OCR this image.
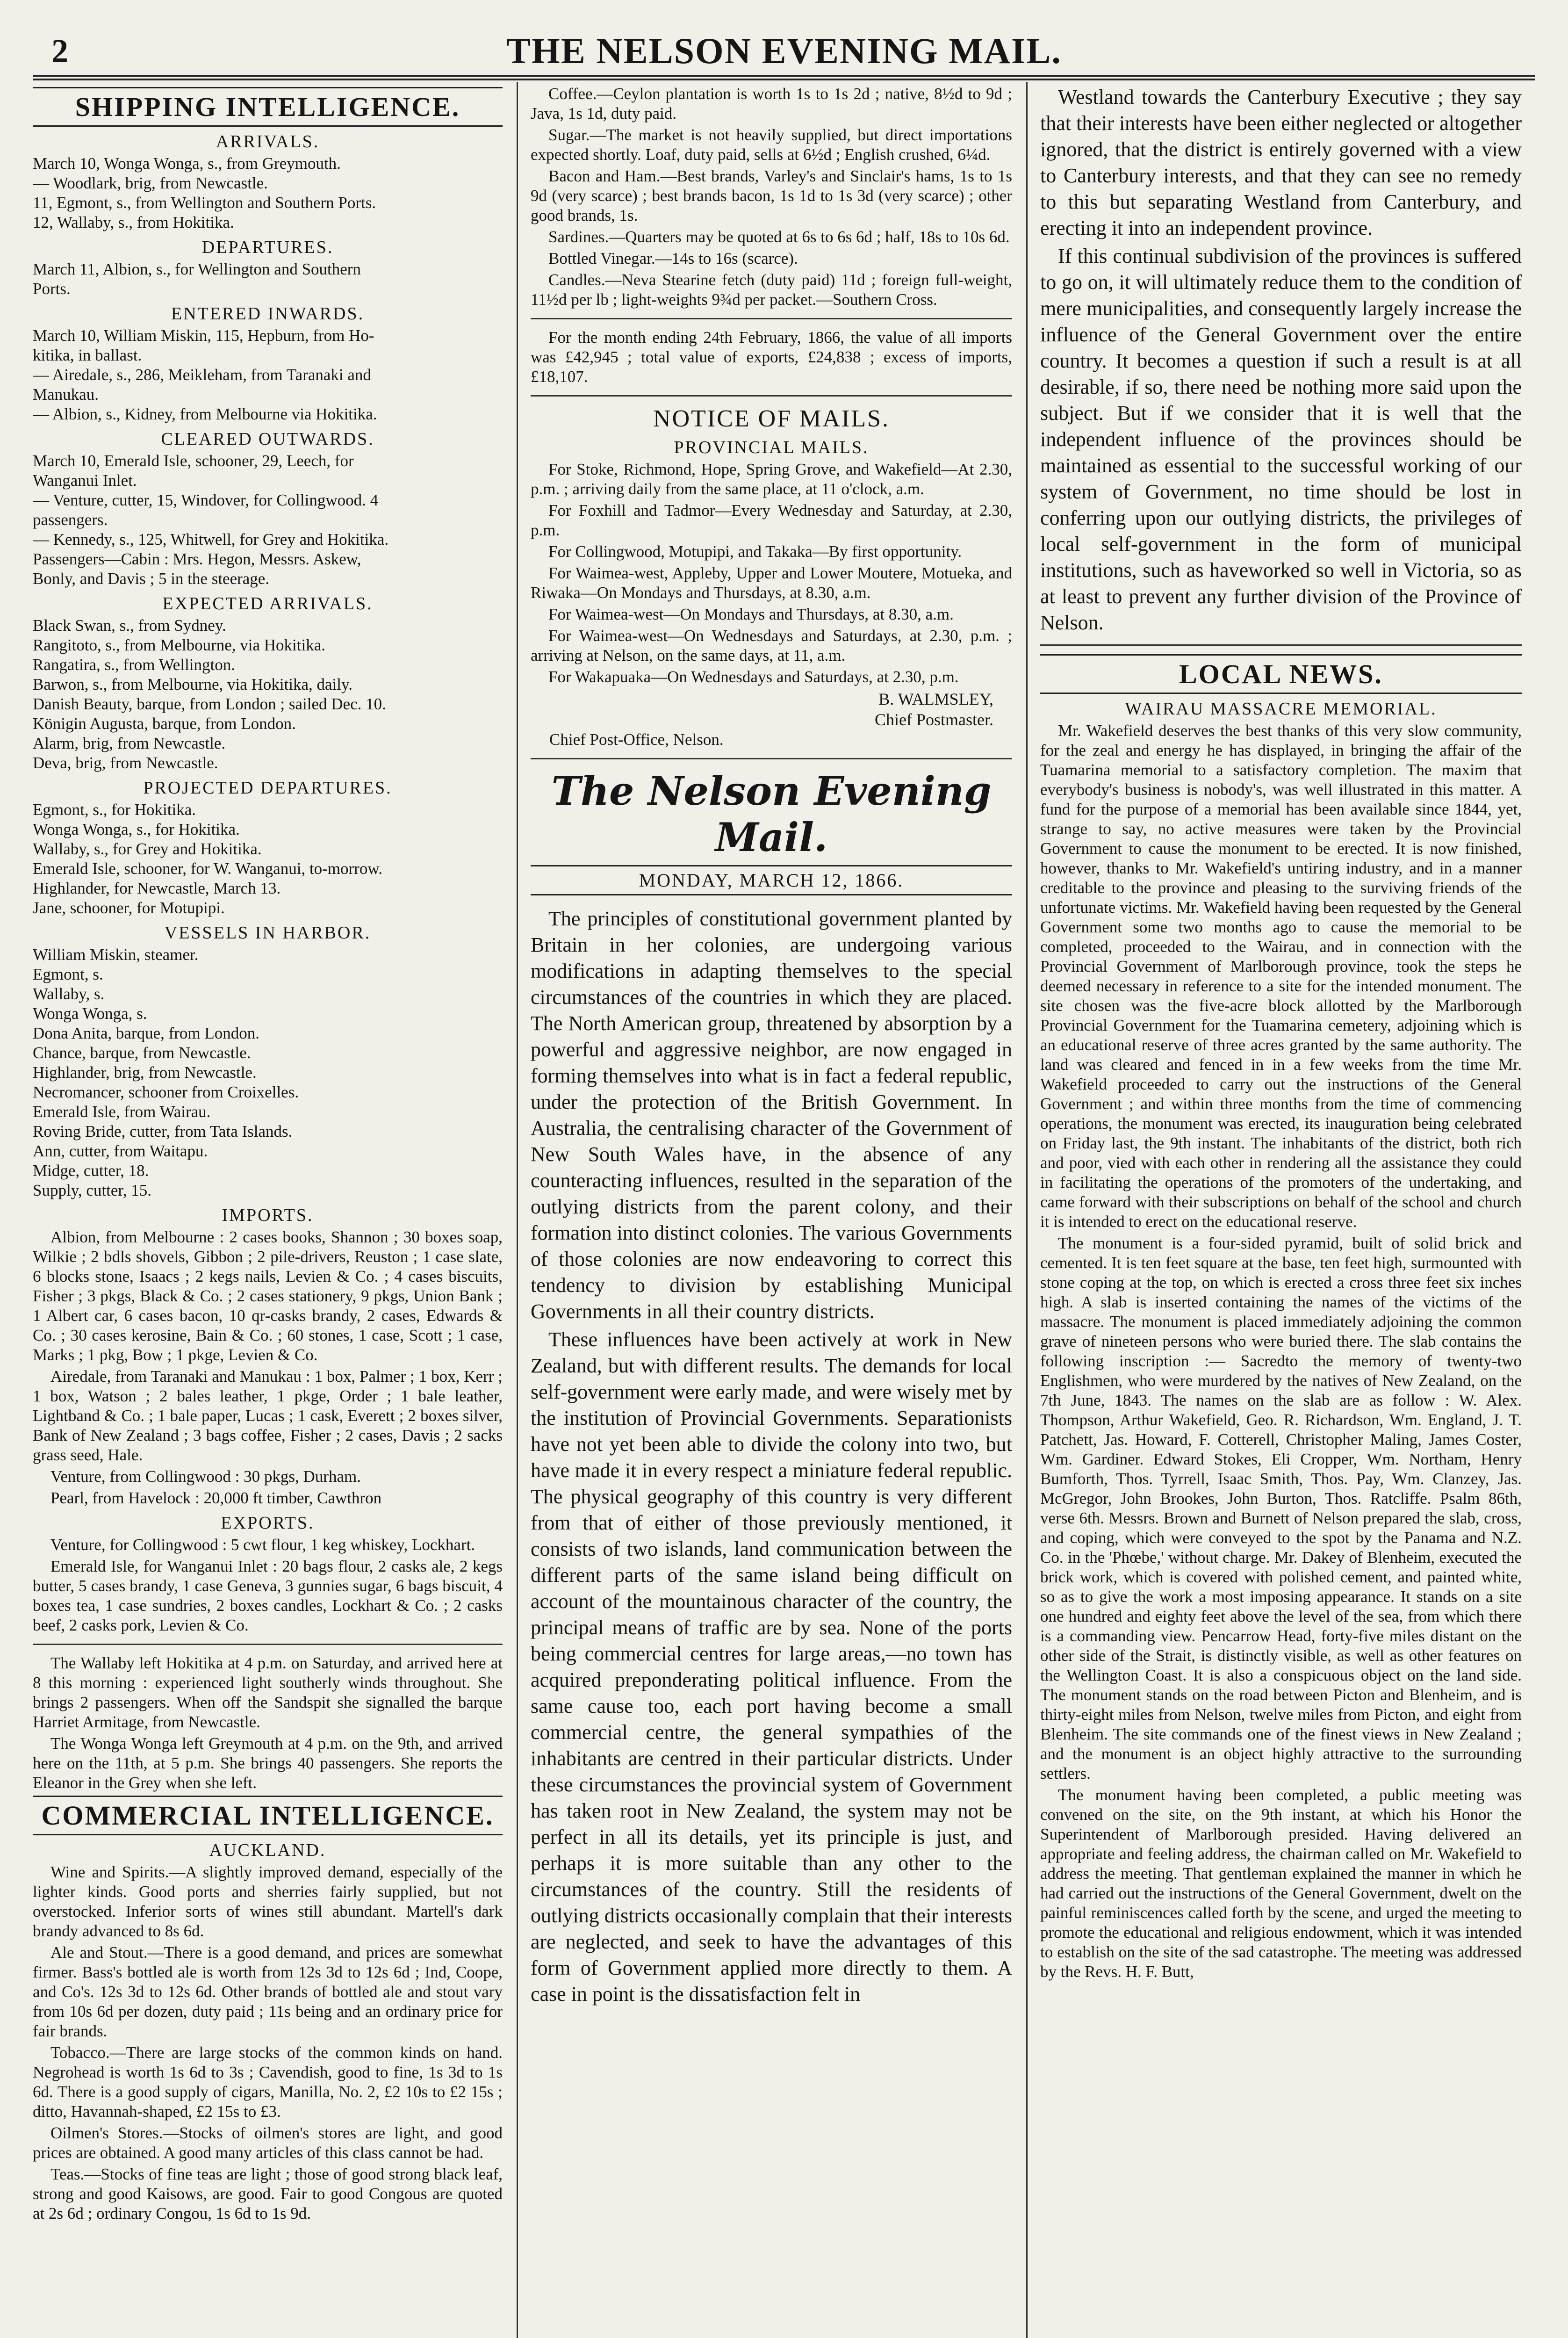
2	THE NELSON EVENING MAIL.
SHIPPING INTELLIGENCE.
ARRIVALS.
March 10, Wonga Wonga, s., from Greymouth.
— Woodlark, brig, from Newcastle.
11, Egmont, s., from Wellington and Southern Ports.
12, Wallaby, s., from Hokitika.
DEPARTURES.
March 11, Albion, s., for Wellington and Southern
Ports.
ENTERED INWARDS.
March 10, William Miskin, 115, Hepburn, from Ho-
kitika, in ballast.
— Airedale, s., 286, Meikleham, from Taranaki and
Manukau.
— Albion, s., Kidney, from Melbourne via Hokitika.
CLEARED OUTWARDS.
March 10, Emerald Isle, schooner, 29, Leech, for
Wanganui Inlet.
— Venture, cutter, 15, Windover, for Collingwood. 4
passengers.
— Kennedy, s., 125, Whitwell, for Grey and Hokitika.
Passengers—Cabin : Mrs. Hegon, Messrs. Askew,
Bonly, and Davis ; 5 in the steerage.
EXPECTED ARRIVALS.
Black Swan, s., from Sydney.
Rangitoto, s., from Melbourne, via Hokitika.
Rangatira, s., from Wellington.
Barwon, s., from Melbourne, via Hokitika, daily.
Danish Beauty, barque, from London ; sailed Dec. 10.
Königin Augusta, barque, from London.
Alarm, brig, from Newcastle.
Deva, brig, from Newcastle.
PROJECTED DEPARTURES.
Egmont, s., for Hokitika.
Wonga Wonga, s., for Hokitika.
Wallaby, s., for Grey and Hokitika.
Emerald Isle, schooner, for W. Wanganui, to-morrow.
Highlander, for Newcastle, March 13.
Jane, schooner, for Motupipi.
VESSELS IN HARBOR.
William Miskin, steamer.
Egmont, s.
Wallaby, s.
Wonga Wonga, s.
Dona Anita, barque, from London.
Chance, barque, from Newcastle.
Highlander, brig, from Newcastle.
Necromancer, schooner from Croixelles.
Emerald Isle, from Wairau.
Roving Bride, cutter, from Tata Islands.
Ann, cutter, from Waitapu.
Midge, cutter, 18.
Supply, cutter, 15.
IMPORTS.

Albion, from Melbourne : 2 cases books, Shannon ; 30 boxes soap, Wilkie ; 2 bdls shovels, Gibbon ; 2 pile-drivers, Reuston ; 1 case slate, 6 blocks stone, Isaacs ; 2 kegs nails, Levien & Co. ; 4 cases biscuits, Fisher ; 3 pkgs, Black & Co. ; 2 cases stationery, 9 pkgs, Union Bank ; 1 Albert car, 6 cases bacon, 10 qr-casks brandy, 2 cases, Edwards & Co. ; 30 cases kerosine, Bain & Co. ; 60 stones, 1 case, Scott ; 1 case, Marks ; 1 pkg, Bow ; 1 pkge, Levien & Co.

Airedale, from Taranaki and Manukau : 1 box, Palmer ; 1 box, Kerr ; 1 box, Watson ; 2 bales leather, 1 pkge, Order ; 1 bale leather, Lightband & Co. ; 1 bale paper, Lucas ; 1 cask, Everett ; 2 boxes silver, Bank of New Zealand ; 3 bags coffee, Fisher ; 2 cases, Davis ; 2 sacks grass seed, Hale.

Venture, from Collingwood : 30 pkgs, Durham.

Pearl, from Havelock : 20,000 ft timber, Cawthron

EXPORTS.

Venture, for Collingwood : 5 cwt flour, 1 keg whiskey, Lockhart.

Emerald Isle, for Wanganui Inlet : 20 bags flour, 2 casks ale, 2 kegs butter, 5 cases brandy, 1 case Geneva, 3 gunnies sugar, 6 bags biscuit, 4 boxes tea, 1 case sundries, 2 boxes candles, Lockhart & Co. ; 2 casks beef, 2 casks pork, Levien & Co.

The Wallaby left Hokitika at 4 p.m. on Saturday, and arrived here at 8 this morning : experienced light southerly winds throughout. She brings 2 passengers. When off the Sandspit she signalled the barque Harriet Armitage, from Newcastle.

The Wonga Wonga left Greymouth at 4 p.m. on the 9th, and arrived here on the 11th, at 5 p.m. She brings 40 passengers. She reports the Eleanor in the Grey when she left.

COMMERCIAL INTELLIGENCE.
AUCKLAND.

Wine and Spirits.—A slightly improved demand, especially of the lighter kinds. Good ports and sherries fairly supplied, but not overstocked. Inferior sorts of wines still abundant. Martell's dark brandy advanced to 8s 6d.

Ale and Stout.—There is a good demand, and prices are somewhat firmer. Bass's bottled ale is worth from 12s 3d to 12s 6d ; Ind, Coope, and Co's. 12s 3d to 12s 6d. Other brands of bottled ale and stout vary from 10s 6d per dozen, duty paid ; 11s being and an ordinary price for fair brands.

Tobacco.—There are large stocks of the common kinds on hand. Negrohead is worth 1s 6d to 3s ; Cavendish, good to fine, 1s 3d to 1s 6d. There is a good supply of cigars, Manilla, No. 2, £2 10s to £2 15s ; ditto, Havannah-shaped, £2 15s to £3.

Oilmen's Stores.—Stocks of oilmen's stores are light, and good prices are obtained. A good many articles of this class cannot be had.

Teas.—Stocks of fine teas are light ; those of good strong black leaf, strong and good Kaisows, are good. Fair to good Congous are quoted at 2s 6d ; ordinary Congou, 1s 6d to 1s 9d.

Coffee.—Ceylon plantation is worth 1s to 1s 2d ; native, 8½d to 9d ; Java, 1s 1d, duty paid.

Sugar.—The market is not heavily supplied, but direct importations expected shortly. Loaf, duty paid, sells at 6½d ; English crushed, 6¼d.

Bacon and Ham.—Best brands, Varley's and Sinclair's hams, 1s to 1s 9d (very scarce) ; best brands bacon, 1s 1d to 1s 3d (very scarce) ; other good brands, 1s.

Sardines.—Quarters may be quoted at 6s to 6s 6d ; half, 18s to 10s 6d.

Bottled Vinegar.—14s to 16s (scarce).

Candles.—Neva Stearine fetch (duty paid) 11d ; foreign full-weight, 11½d per lb ; light-weights 9¾d per packet.—Southern Cross.

For the month ending 24th February, 1866, the value of all imports was £42,945 ; total value of exports, £24,838 ; excess of imports, £18,107.

NOTICE OF MAILS.
PROVINCIAL MAILS.

For Stoke, Richmond, Hope, Spring Grove, and Wakefield—At 2.30, p.m. ; arriving daily from the same place, at 11 o'clock, a.m.

For Foxhill and Tadmor—Every Wednesday and Saturday, at 2.30, p.m.

For Collingwood, Motupipi, and Takaka—By first opportunity.

For Waimea-west, Appleby, Upper and Lower Moutere, Motueka, and Riwaka—On Mondays and Thursdays, at 8.30, a.m.

For Waimea-west—On Mondays and Thursdays, at 8.30, a.m.

For Waimea-west—On Wednesdays and Saturdays, at 2.30, p.m. ; arriving at Nelson, on the same days, at 11, a.m.

For Wakapuaka—On Wednesdays and Saturdays, at 2.30, p.m.

B. WALMSLEY,
Chief Postmaster.
Chief Post-Office, Nelson.
The Nelson Evening Mail.
MONDAY, MARCH 12, 1866.

The principles of constitutional government planted by Britain in her colonies, are undergoing various modifications in adapting themselves to the special circumstances of the countries in which they are placed. The North American group, threatened by absorption by a powerful and aggressive neighbor, are now engaged in forming themselves into what is in fact a federal republic, under the protection of the British Government. In Australia, the centralising character of the Government of New South Wales have, in the absence of any counteracting influences, resulted in the separation of the outlying districts from the parent colony, and their formation into distinct colonies. The various Governments of those colonies are now endeavoring to correct this tendency to division by establishing Municipal Governments in all their country districts.

These influences have been actively at work in New Zealand, but with different results. The demands for local self-government were early made, and were wisely met by the institution of Provincial Governments. Separationists have not yet been able to divide the colony into two, but have made it in every respect a miniature federal republic. The physical geography of this country is very different from that of either of those previously mentioned, it consists of two islands, land communication between the different parts of the same island being difficult on account of the mountainous character of the country, the principal means of traffic are by sea. None of the ports being commercial centres for large areas,—no town has acquired preponderating political influence. From the same cause too, each port having become a small commercial centre, the general sympathies of the inhabitants are centred in their particular districts. Under these circumstances the provincial system of Government has taken root in New Zealand, the system may not be perfect in all its details, yet its principle is just, and perhaps it is more suitable than any other to the circumstances of the country. Still the residents of outlying districts occasionally complain that their interests are neglected, and seek to have the advantages of this form of Government applied more directly to them. A case in point is the dissatisfaction felt in

Westland towards the Canterbury Executive ; they say that their interests have been either neglected or altogether ignored, that the district is entirely governed with a view to Canterbury interests, and that they can see no remedy to this but separating Westland from Canterbury, and erecting it into an independent province.

If this continual subdivision of the provinces is suffered to go on, it will ultimately reduce them to the condition of mere municipalities, and consequently largely increase the influence of the General Government over the entire country. It becomes a question if such a result is at all desirable, if so, there need be nothing more said upon the subject. But if we consider that it is well that the independent influence of the provinces should be maintained as essential to the successful working of our system of Government, no time should be lost in conferring upon our outlying districts, the privileges of local self-government in the form of municipal institutions, such as haveworked so well in Victoria, so as at least to prevent any further division of the Province of Nelson.

LOCAL NEWS.
WAIRAU MASSACRE MEMORIAL.

Mr. Wakefield deserves the best thanks of this very slow community, for the zeal and energy he has displayed, in bringing the affair of the Tuamarina memorial to a satisfactory completion. The maxim that everybody's business is nobody's, was well illustrated in this matter. A fund for the purpose of a memorial has been available since 1844, yet, strange to say, no active measures were taken by the Provincial Government to cause the monument to be erected. It is now finished, however, thanks to Mr. Wakefield's untiring industry, and in a manner creditable to the province and pleasing to the surviving friends of the unfortunate victims. Mr. Wakefield having been requested by the General Government some two months ago to cause the memorial to be completed, proceeded to the Wairau, and in connection with the Provincial Government of Marlborough province, took the steps he deemed necessary in reference to a site for the intended monument. The site chosen was the five-acre block allotted by the Marlborough Provincial Government for the Tuamarina cemetery, adjoining which is an educational reserve of three acres granted by the same authority. The land was cleared and fenced in in a few weeks from the time Mr. Wakefield proceeded to carry out the instructions of the General Government ; and within three months from the time of commencing operations, the monument was erected, its inauguration being celebrated on Friday last, the 9th instant. The inhabitants of the district, both rich and poor, vied with each other in rendering all the assistance they could in facilitating the operations of the promoters of the undertaking, and came forward with their subscriptions on behalf of the school and church it is intended to erect on the educational reserve.

The monument is a four-sided pyramid, built of solid brick and cemented. It is ten feet square at the base, ten feet high, surmounted with stone coping at the top, on which is erected a cross three feet six inches high. A slab is inserted containing the names of the victims of the massacre. The monument is placed immediately adjoining the common grave of nineteen persons who were buried there. The slab contains the following inscription :— Sacredto the memory of twenty-two Englishmen, who were murdered by the natives of New Zealand, on the 7th June, 1843. The names on the slab are as follow : W. Alex. Thompson, Arthur Wakefield, Geo. R. Richardson, Wm. England, J. T. Patchett, Jas. Howard, F. Cotterell, Christopher Maling, James Coster, Wm. Gardiner. Edward Stokes, Eli Cropper, Wm. Northam, Henry Bumforth, Thos. Tyrrell, Isaac Smith, Thos. Pay, Wm. Clanzey, Jas. McGregor, John Brookes, John Burton, Thos. Ratcliffe. Psalm 86th, verse 6th. Messrs. Brown and Burnett of Nelson prepared the slab, cross, and coping, which were conveyed to the spot by the Panama and N.Z. Co. in the 'Phœbe,' without charge. Mr. Dakey of Blenheim, executed the brick work, which is covered with polished cement, and painted white, so as to give the work a most imposing appearance. It stands on a site one hundred and eighty feet above the level of the sea, from which there is a commanding view. Pencarrow Head, forty-five miles distant on the other side of the Strait, is distinctly visible, as well as other features on the Wellington Coast. It is also a conspicuous object on the land side. The monument stands on the road between Picton and Blenheim, and is thirty-eight miles from Nelson, twelve miles from Picton, and eight from Blenheim. The site commands one of the finest views in New Zealand ; and the monument is an object highly attractive to the surrounding settlers.

The monument having been completed, a public meeting was convened on the site, on the 9th instant, at which his Honor the Superintendent of Marlborough presided. Having delivered an appropriate and feeling address, the chairman called on Mr. Wakefield to address the meeting. That gentleman explained the manner in which he had carried out the instructions of the General Government, dwelt on the painful reminiscences called forth by the scene, and urged the meeting to promote the educational and religious endowment, which it was intended to establish on the site of the sad catastrophe. The meeting was addressed by the Revs. H. F. Butt,
